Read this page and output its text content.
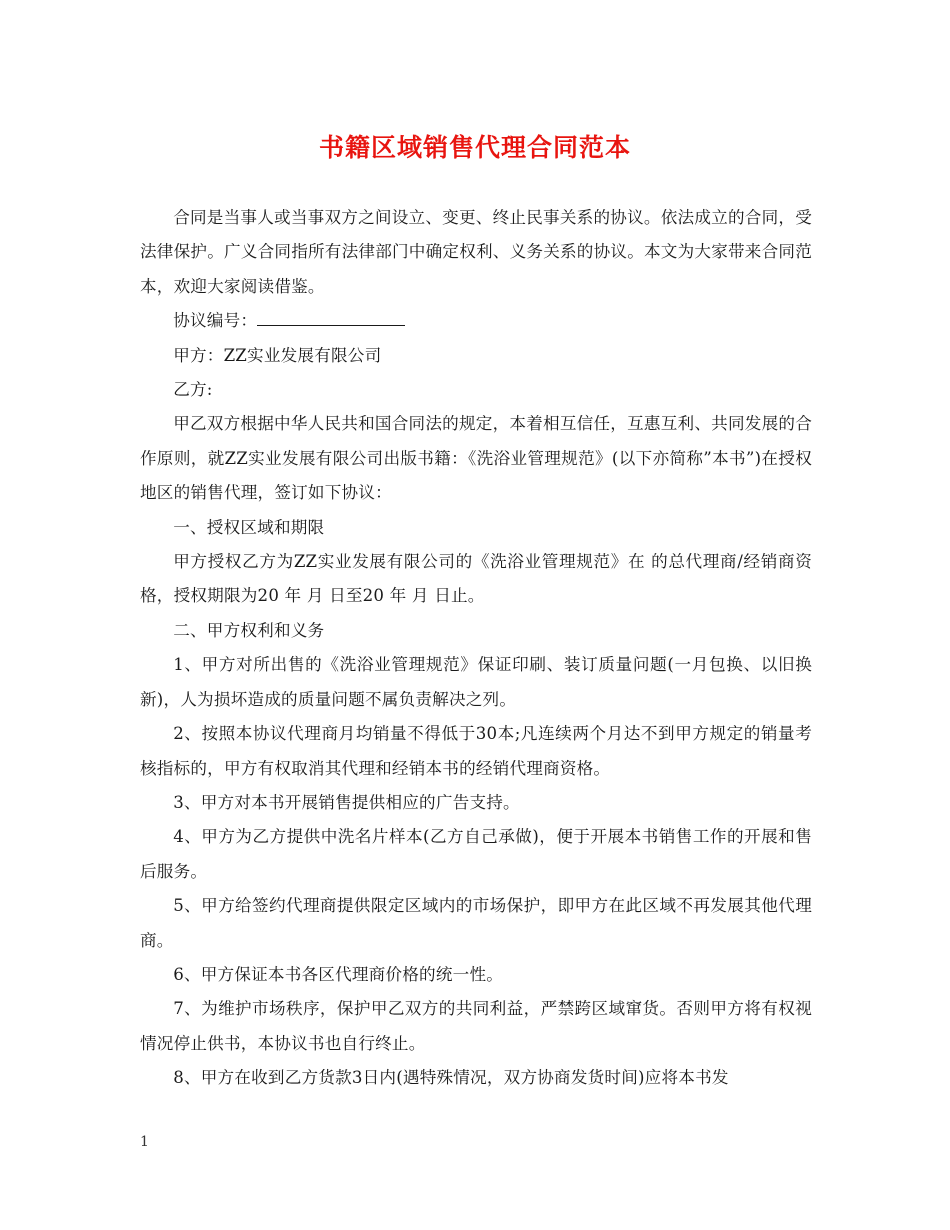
书籍区域销售代理合同范本

合同是当事人或当事双方之间设立、变更、终止民事关系的协议。依法成立的合同，受法律保护。广义合同指所有法律部门中确定权利、义务关系的协议。本文为大家带来合同范本，欢迎大家阅读借鉴。

协议编号：

甲方：ZZ实业发展有限公司

乙方:

甲乙双方根据中华人民共和国合同法的规定，本着相互信任，互惠互利、共同发展的合作原则，就ZZ实业发展有限公司出版书籍：《洗浴业管理规范》(以下亦简称”本书”)在授权地区的销售代理，签订如下协议：

一、授权区域和期限

甲方授权乙方为ZZ实业发展有限公司的《洗浴业管理规范》在 的总代理商/经销商资格，授权期限为20 年 月 日至20 年 月 日止。

二、甲方权利和义务

1、甲方对所出售的《洗浴业管理规范》保证印刷、装订质量问题(一月包换、以旧换新)，人为损坏造成的质量问题不属负责解决之列。

2、按照本协议代理商月均销量不得低于30本;凡连续两个月达不到甲方规定的销量考核指标的，甲方有权取消其代理和经销本书的经销代理商资格。

3、甲方对本书开展销售提供相应的广告支持。

4、甲方为乙方提供中洗名片样本(乙方自己承做)，便于开展本书销售工作的开展和售后服务。

5、甲方给签约代理商提供限定区域内的市场保护，即甲方在此区域不再发展其他代理商。

6、甲方保证本书各区代理商价格的统一性。

7、为维护市场秩序，保护甲乙双方的共同利益，严禁跨区域窜货。否则甲方将有权视情况停止供书，本协议书也自行终止。

8、甲方在收到乙方货款3日内(遇特殊情况，双方协商发货时间)应将本书发

1
